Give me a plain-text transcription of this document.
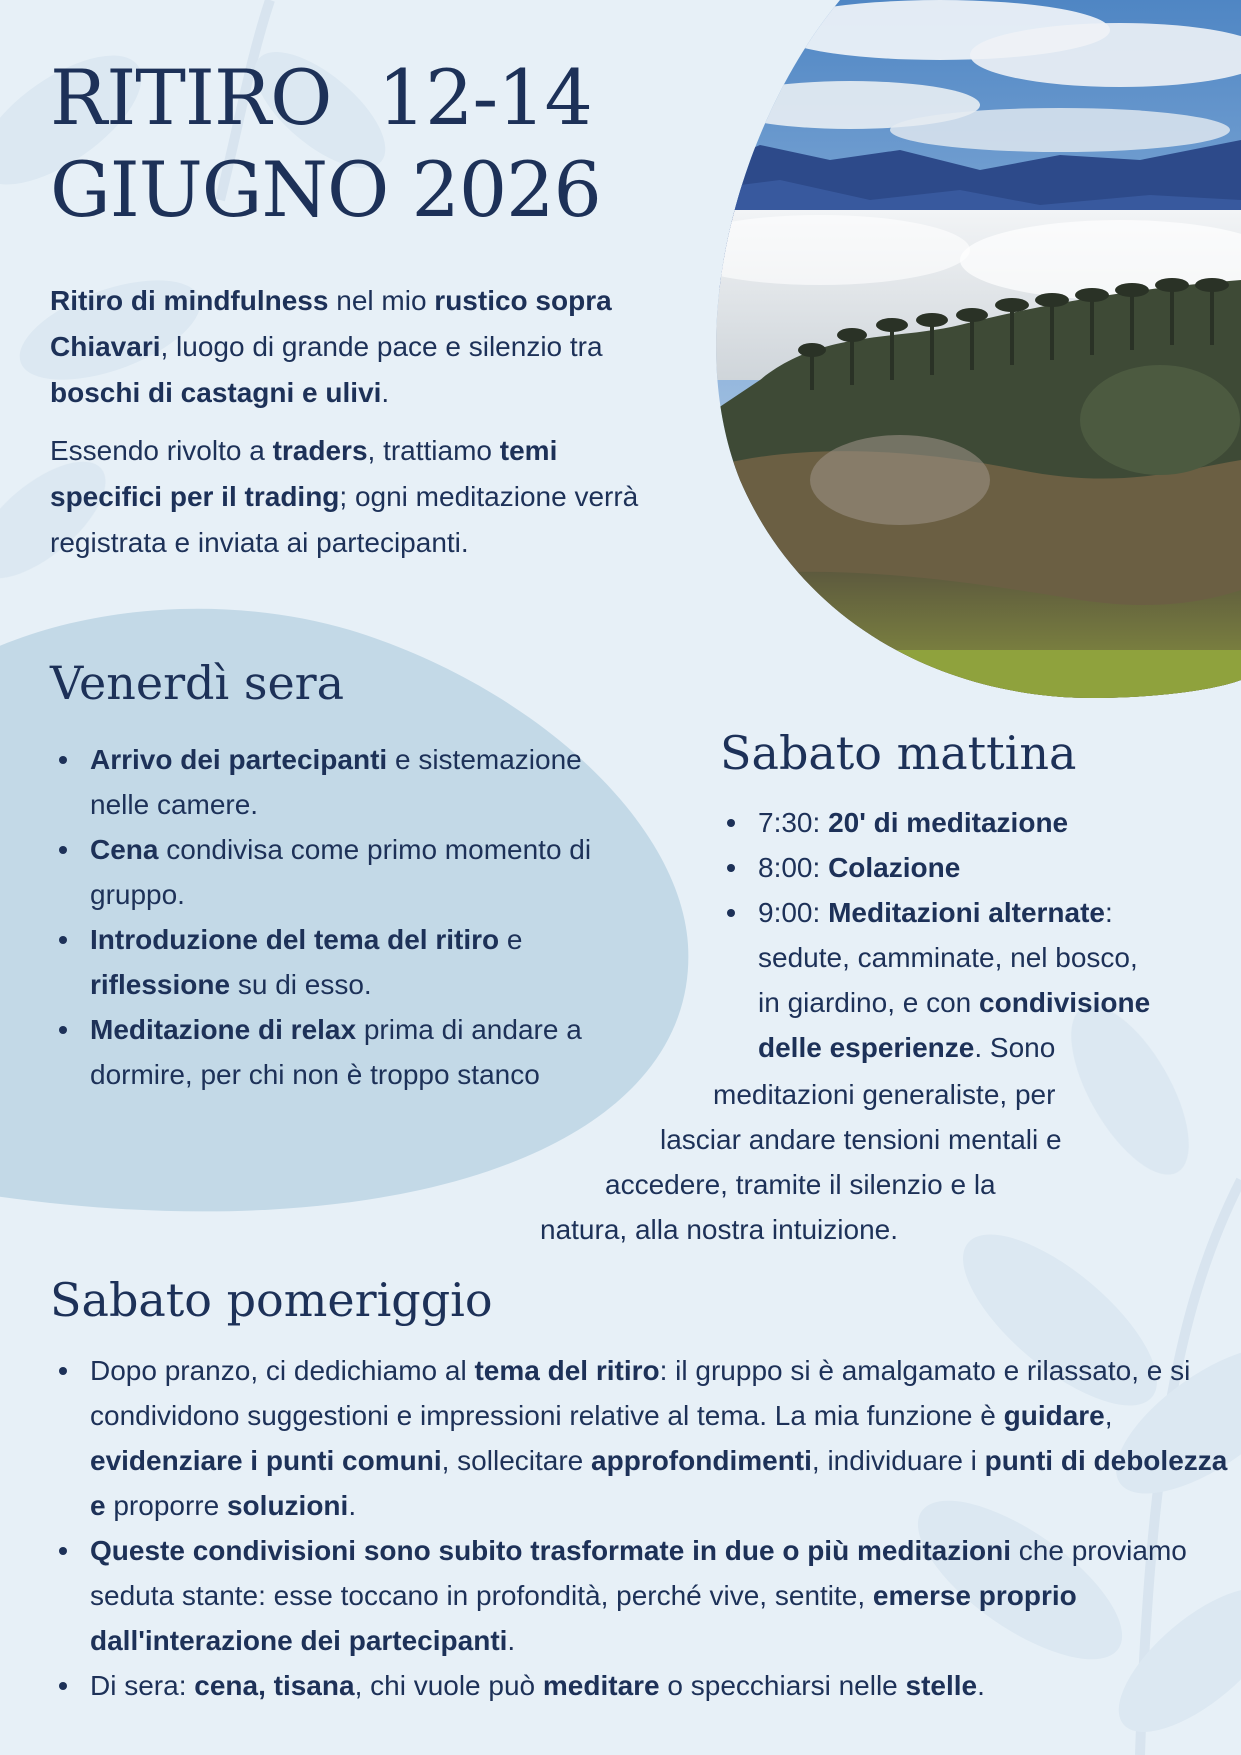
RITIRO  12-14
GIUGNO 2026

Ritiro di mindfulness nel mio rustico sopra Chiavari, luogo di grande pace e silenzio tra boschi di castagni e ulivi.

Essendo rivolto a traders, trattiamo temi specifici per il trading; ogni meditazione verrà registrata e inviata ai partecipanti.

Venerdì sera
Arrivo dei partecipanti e sistemazione nelle camere.
Cena condivisa come primo momento di gruppo.
Introduzione del tema del ritiro e riflessione su di esso.
Meditazione di relax prima di andare a dormire, per chi non è troppo stanco
Sabato mattina
7:30: 20' di meditazione
8:00: Colazione
9:00: Meditazioni alternate:
sedute, camminate, nel bosco,
in giardino, e con condivisione
delle esperienze. Sono
meditazioni generaliste, per
lasciar andare tensioni mentali e
accedere, tramite il silenzio e la
natura, alla nostra intuizione.
Sabato pomeriggio
Dopo pranzo, ci dedichiamo al tema del ritiro: il gruppo si è amalgamato e rilassato, e si condividono suggestioni e impressioni relative al tema. La mia funzione è guidare, evidenziare i punti comuni, sollecitare approfondimenti, individuare i punti di debolezza e proporre soluzioni.
Queste condivisioni sono subito trasformate in due o più meditazioni che proviamo seduta stante: esse toccano in profondità, perché vive, sentite, emerse proprio dall'interazione dei partecipanti.
Di sera: cena, tisana, chi vuole può meditare o specchiarsi nelle stelle.
